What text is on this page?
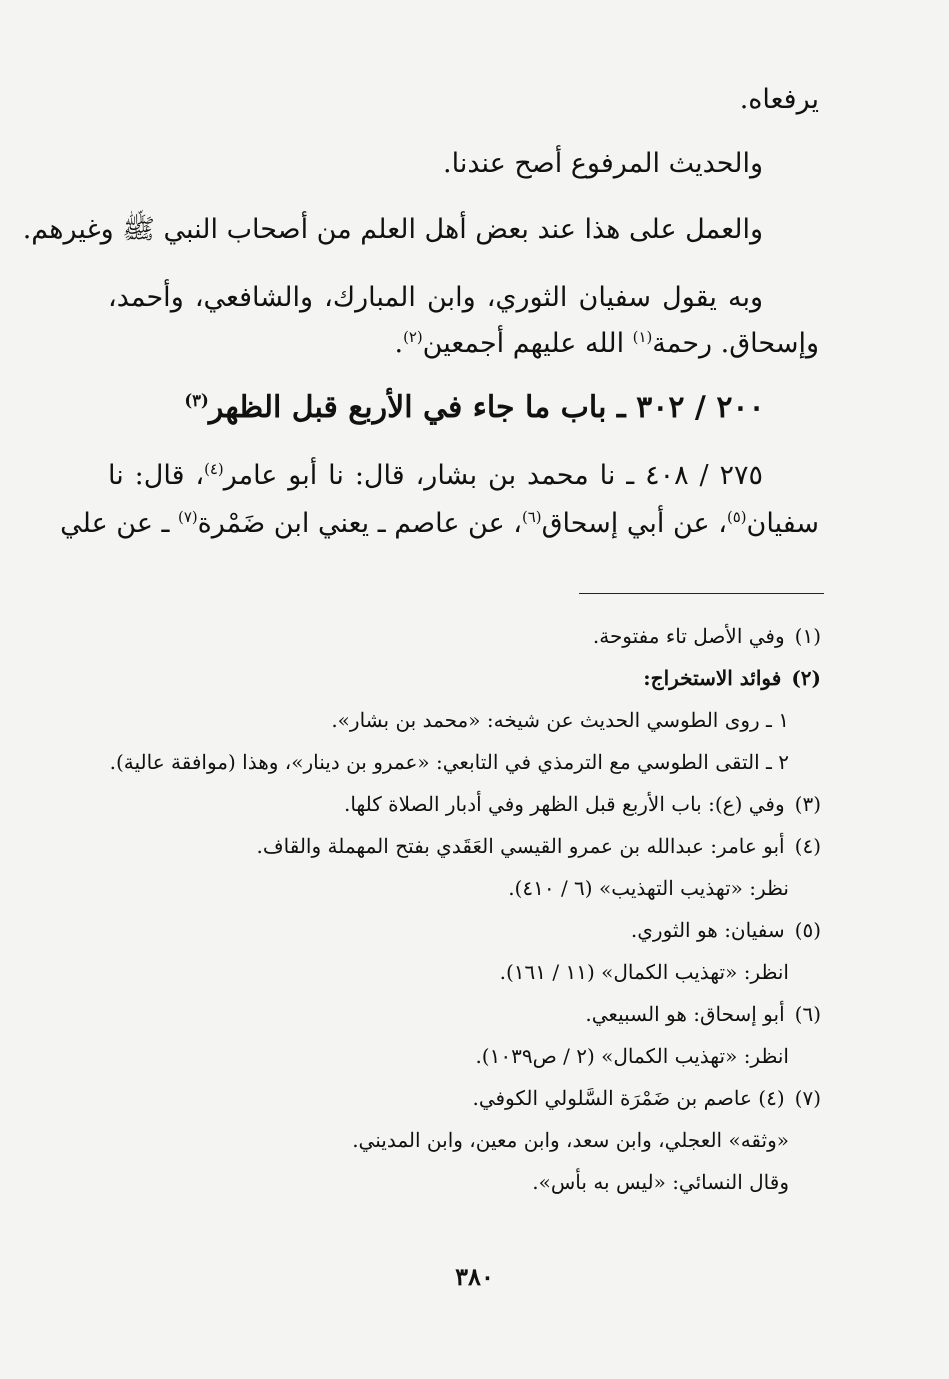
يرفعاه.
والحديث المرفوع أصح عندنا.
والعمل على هذا عند بعض أهل العلم من أصحاب النبي ﷺ وغيرهم.
وبه يقول سفيان الثوري، وابن المبارك، والشافعي، وأحمد،
وإسحاق. رحمة$^{(١)}$ الله عليهم أجمعين$^{(٢)}$.
٢٠٠ / ٣٠٢ ـ باب ما جاء في الأربع قبل الظهر$^{(٣)}$
٢٧٥ / ٤٠٨ ـ نا محمد بن بشار، قال: نا أبو عامر$^{(٤)}$، قال: نا
سفيان$^{(٥)}$، عن أبي إسحاق$^{(٦)}$، عن عاصم ـ يعني ابن ضَمْرة$^{(٧)}$ ـ عن علي
(١)وفي الأصل تاء مفتوحة.
(٢)فوائد الاستخراج:
١ ـ روى الطوسي الحديث عن شيخه: «محمد بن بشار».
٢ ـ التقى الطوسي مع الترمذي في التابعي: «عمرو بن دينار»، وهذا (موافقة عالية).
(٣)وفي (ع): باب الأربع قبل الظهر وفي أدبار الصلاة كلها.
(٤)أبو عامر: عبدالله بن عمرو القيسي العَقَدي بفتح المهملة والقاف.
نظر: «تهذيب التهذيب» (٦ / ٤١٠).
(٥)سفيان: هو الثوري.
انظر: «تهذيب الكمال» (١١ / ١٦١).
(٦)أبو إسحاق: هو السبيعي.
انظر: «تهذيب الكمال» (٢ / ص١٠٣٩).
(٧)(٤) عاصم بن ضَمْرَة السَّلولي الكوفي.
«وثقه» العجلي، وابن سعد، وابن معين، وابن المديني.
وقال النسائي: «ليس به بأس».
٣٨٠
